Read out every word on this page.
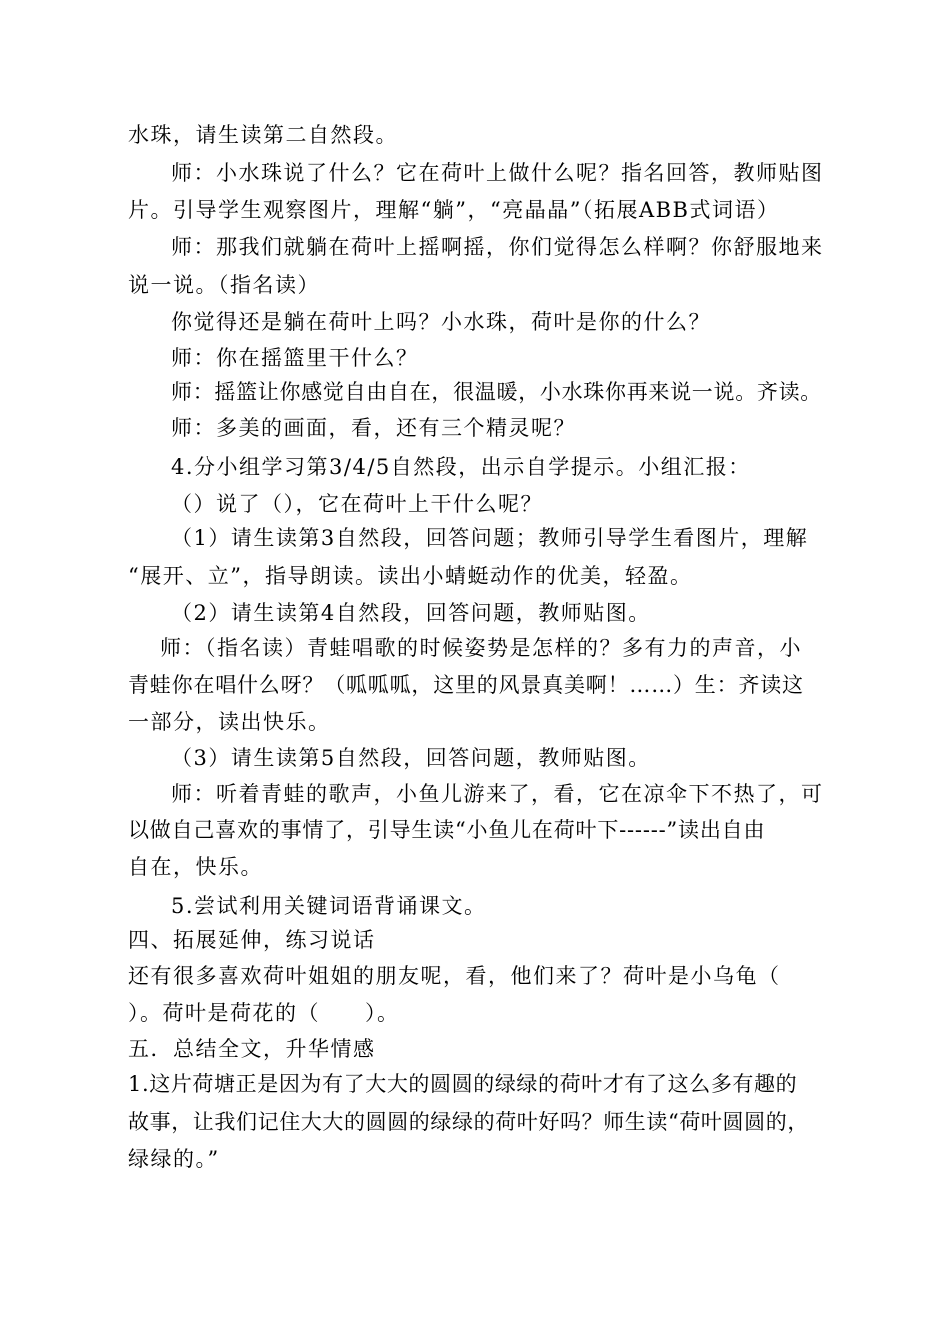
水珠，请生读第二自然段。

师：小水珠说了什么？它在荷叶上做什么呢？指名回答，教师贴图

片。引导学生观察图片，理解“躺”，“亮晶晶”（拓展ABB式词语）

师：那我们就躺在荷叶上摇啊摇，你们觉得怎么样啊？你舒服地来

说一说。（指名读）

你觉得还是躺在荷叶上吗？小水珠，荷叶是你的什么？

师：你在摇篮里干什么？

师：摇篮让你感觉自由自在，很温暖，小水珠你再来说一说。齐读。

师：多美的画面，看，还有三个精灵呢？

4.分小组学习第3/4/5自然段，出示自学提示。小组汇报：

（）说了（），它在荷叶上干什么呢？

（1）请生读第3自然段，回答问题；教师引导学生看图片，理解

“展开、立”，指导朗读。读出小蜻蜓动作的优美，轻盈。

（2）请生读第4自然段，回答问题，教师贴图。

师：（指名读）青蛙唱歌的时候姿势是怎样的？多有力的声音，小

青蛙你在唱什么呀？（呱呱呱，这里的风景真美啊！……）生：齐读这

一部分，读出快乐。

（3）请生读第5自然段，回答问题，教师贴图。

师：听着青蛙的歌声，小鱼儿游来了，看，它在凉伞下不热了，可

以做自己喜欢的事情了，引导生读“小鱼儿在荷叶下------”读出自由

自在，快乐。

5.尝试利用关键词语背诵课文。

四、拓展延伸，练习说话

还有很多喜欢荷叶姐姐的朋友呢，看，他们来了？荷叶是小乌龟（

）。荷叶是荷花的（　　）。

五．总结全文，升华情感

1.这片荷塘正是因为有了大大的圆圆的绿绿的荷叶才有了这么多有趣的

故事，让我们记住大大的圆圆的绿绿的荷叶好吗？师生读“荷叶圆圆的，

绿绿的。”
